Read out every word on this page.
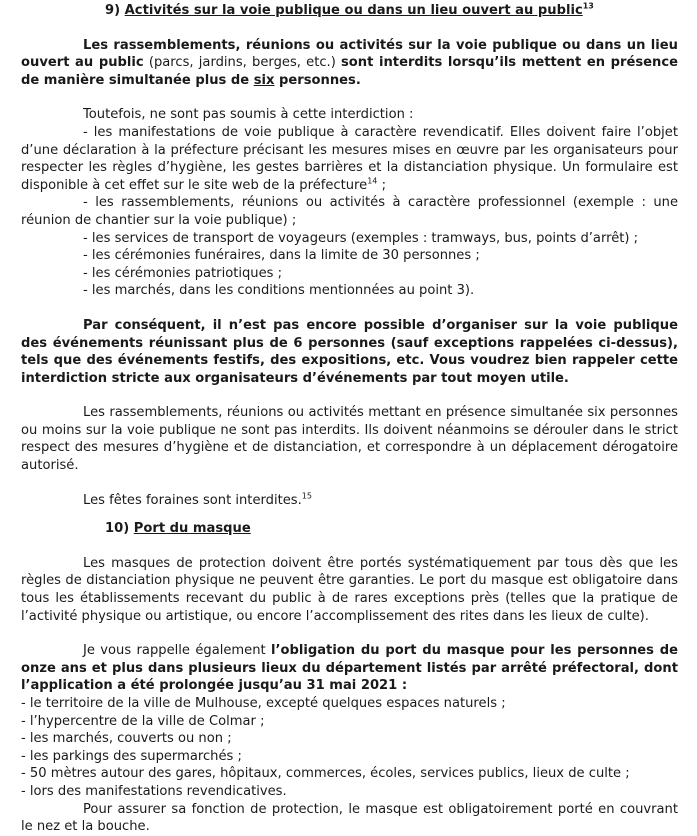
9) Activités sur la voie publique ou dans un lieu ouvert au public$^{13}$

Les rassemblements, réunions ou activités sur la voie publique ou dans un lieu ouvert au public (parcs, jardins, berges, etc.) sont interdits lorsqu’ils mettent en présence de manière simultanée plus de six personnes.

Toutefois, ne sont pas soumis à cette interdiction :

- les manifestations de voie publique à caractère revendicatif. Elles doivent faire l’objet d’une déclaration à la préfecture précisant les mesures mises en œuvre par les organisateurs pour respecter les règles d’hygiène, les gestes barrières et la distanciation physique. Un formulaire est disponible à cet effet sur le site web de la préfecture$^{14}$ ;

- les rassemblements, réunions ou activités à caractère professionnel (exemple : une réunion de chantier sur la voie publique) ;

- les services de transport de voyageurs (exemples : tramways, bus, points d’arrêt) ;

- les cérémonies funéraires, dans la limite de 30 personnes ;

- les cérémonies patriotiques ;

- les marchés, dans les conditions mentionnées au point 3).

Par conséquent, il n’est pas encore possible d’organiser sur la voie publique des événements réunissant plus de 6 personnes (sauf exceptions rappelées ci-dessus), tels que des événements festifs, des expositions, etc. Vous voudrez bien rappeler cette interdiction stricte aux organisateurs d’événements par tout moyen utile.

Les rassemblements, réunions ou activités mettant en présence simultanée six personnes ou moins sur la voie publique ne sont pas interdits. Ils doivent néanmoins se dérouler dans le strict respect des mesures d’hygiène et de distanciation, et correspondre à un déplacement dérogatoire autorisé.

Les fêtes foraines sont interdites.$^{15}$

10) Port du masque

Les masques de protection doivent être portés systématiquement par tous dès que les règles de distanciation physique ne peuvent être garanties. Le port du masque est obligatoire dans tous les établissements recevant du public à de rares exceptions près (telles que la pratique de l’activité physique ou artistique, ou encore l’accomplissement des rites dans les lieux de culte).

Je vous rappelle également l’obligation du port du masque pour les personnes de onze ans et plus dans plusieurs lieux du département listés par arrêté préfectoral, dont l’application a été prolongée jusqu’au 31 mai 2021 :

- le territoire de la ville de Mulhouse, excepté quelques espaces naturels ;

- l’hypercentre de la ville de Colmar ;

- les marchés, couverts ou non ;

- les parkings des supermarchés ;

- 50 mètres autour des gares, hôpitaux, commerces, écoles, services publics, lieux de culte ;

- lors des manifestations revendicatives.

Pour assurer sa fonction de protection, le masque est obligatoirement porté en couvrant le nez et la bouche.
